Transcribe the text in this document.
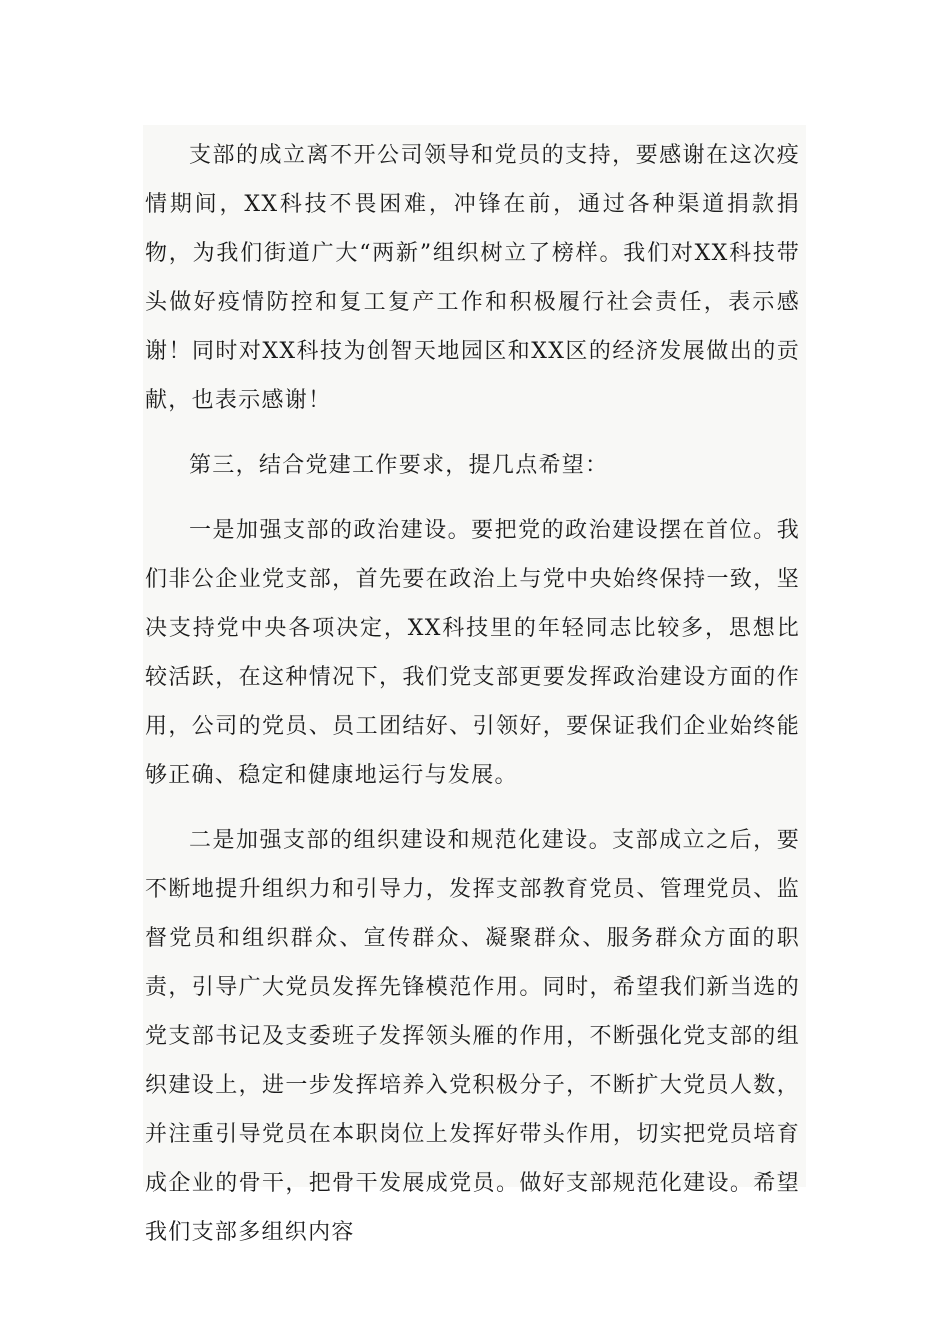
支部的成立离不开公司领导和党员的支持，要感谢在这次疫情期间，XX科技不畏困难，冲锋在前，通过各种渠道捐款捐物，为我们街道广大“两新”组织树立了榜样。我们对XX科技带头做好疫情防控和复工复产工作和积极履行社会责任，表示感谢！同时对XX科技为创智天地园区和XX区的经济发展做出的贡献，也表示感谢！

第三，结合党建工作要求，提几点希望：

一是加强支部的政治建设。要把党的政治建设摆在首位。我们非公企业党支部，首先要在政治上与党中央始终保持一致，坚决支持党中央各项决定，XX科技里的年轻同志比较多，思想比较活跃，在这种情况下，我们党支部更要发挥政治建设方面的作用，公司的党员、员工团结好、引领好，要保证我们企业始终能够正确、稳定和健康地运行与发展。

二是加强支部的组织建设和规范化建设。支部成立之后，要不断地提升组织力和引导力，发挥支部教育党员、管理党员、监督党员和组织群众、宣传群众、凝聚群众、服务群众方面的职责，引导广大党员发挥先锋模范作用。同时，希望我们新当选的党支部书记及支委班子发挥领头雁的作用，不断强化党支部的组织建设上，进一步发挥培养入党积极分子，不断扩大党员人数，并注重引导党员在本职岗位上发挥好带头作用，切实把党员培育成企业的骨干，把骨干发展成党员。做好支部规范化建设。希望我们支部多组织内容
